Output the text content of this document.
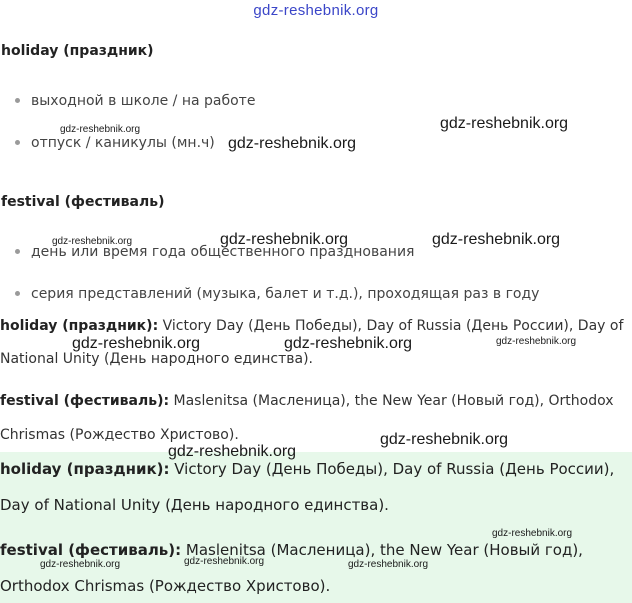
gdz-reshebnik.org
holiday (праздник)
выходной в школе / на работе
отпуск / каникулы (мн.ч)
festival (фестиваль)
день или время года общественного празднования
серия представлений (музыка, балет и т.д.), проходящая раз в году
holiday (праздник): Victory Day (День Победы), Day of Russia (День России), Day of
National Unity (День народного единства).
festival (фестиваль): Maslenitsa (Масленица), the New Year (Новый год), Orthodox
Chrismas (Рождество Христово).
holiday (праздник): Victory Day (День Победы), Day of Russia (День России),
Day of National Unity (День народного единства).
festival (фестиваль): Maslenitsa (Масленица), the New Year (Новый год),
Orthodox Chrismas (Рождество Христово).
gdz-reshebnik.org
gdz-reshebnik.org
gdz-reshebnik.org
gdz-reshebnik.org	gdz-reshebnik.org	gdz-reshebnik.org
gdz-reshebnik.org	gdz-reshebnik.org	gdz-reshebnik.org
gdz-reshebnik.org
gdz-reshebnik.org
gdz-reshebnik.org
gdz-reshebnik.org	gdz-reshebnik.org	gdz-reshebnik.org
